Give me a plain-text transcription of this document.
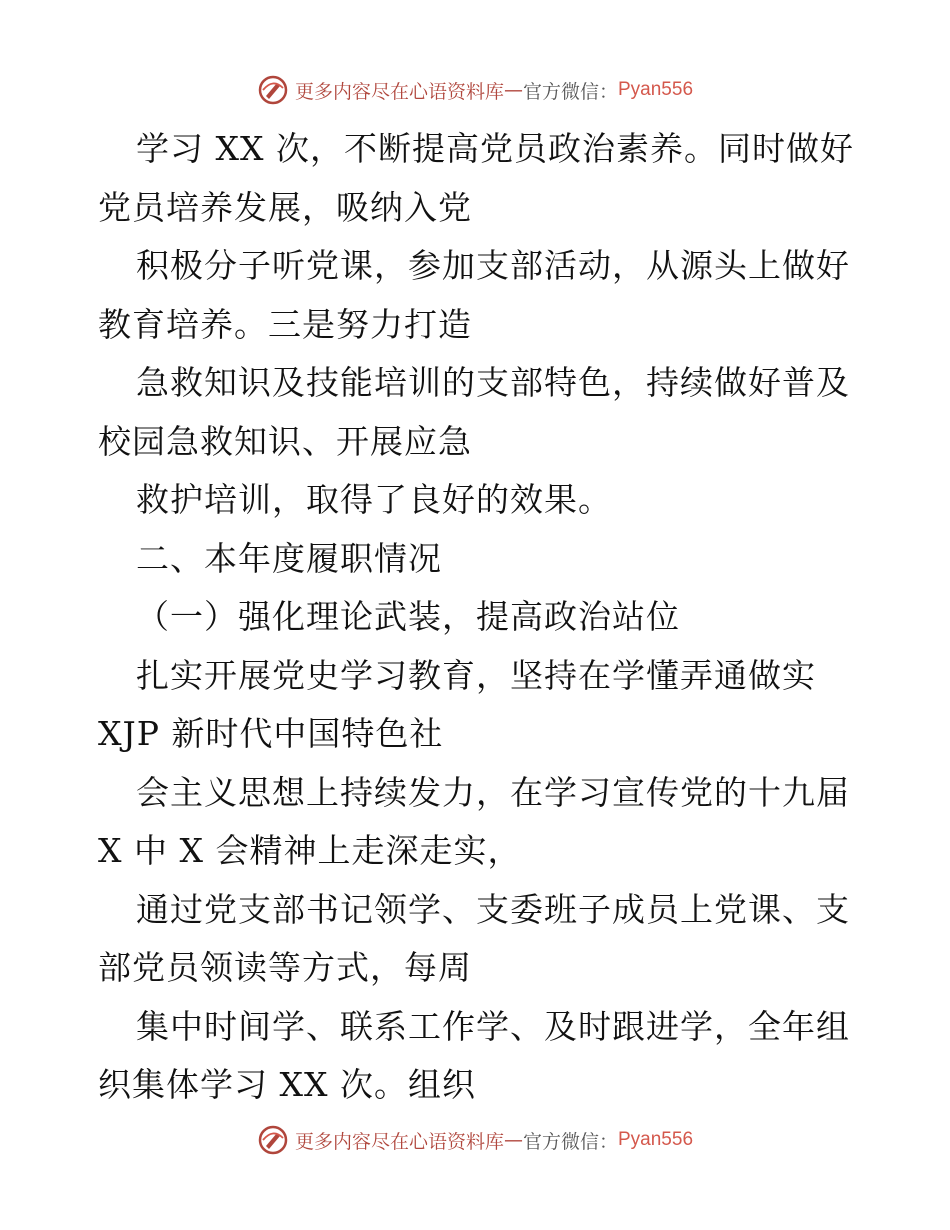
更多内容尽在心语资料库 — 官方微信： Pyan556
学习 XX 次，不断提高党员政治素养。同时做好
党员培养发展，吸纳入党
积极分子听党课，参加支部活动，从源头上做好
教育培养。三是努力打造
急救知识及技能培训的支部特色，持续做好普及
校园急救知识、开展应急
救护培训，取得了良好的效果。
二、本年度履职情况
（一）强化理论武装，提高政治站位
扎实开展党史学习教育，坚持在学懂弄通做实
XJP 新时代中国特色社
会主义思想上持续发力，在学习宣传党的十九届
X 中 X 会精神上走深走实，
通过党支部书记领学、支委班子成员上党课、支
部党员领读等方式，每周
集中时间学、联系工作学、及时跟进学，全年组
织集体学习 XX 次。组织
更多内容尽在心语资料库 — 官方微信： Pyan556
